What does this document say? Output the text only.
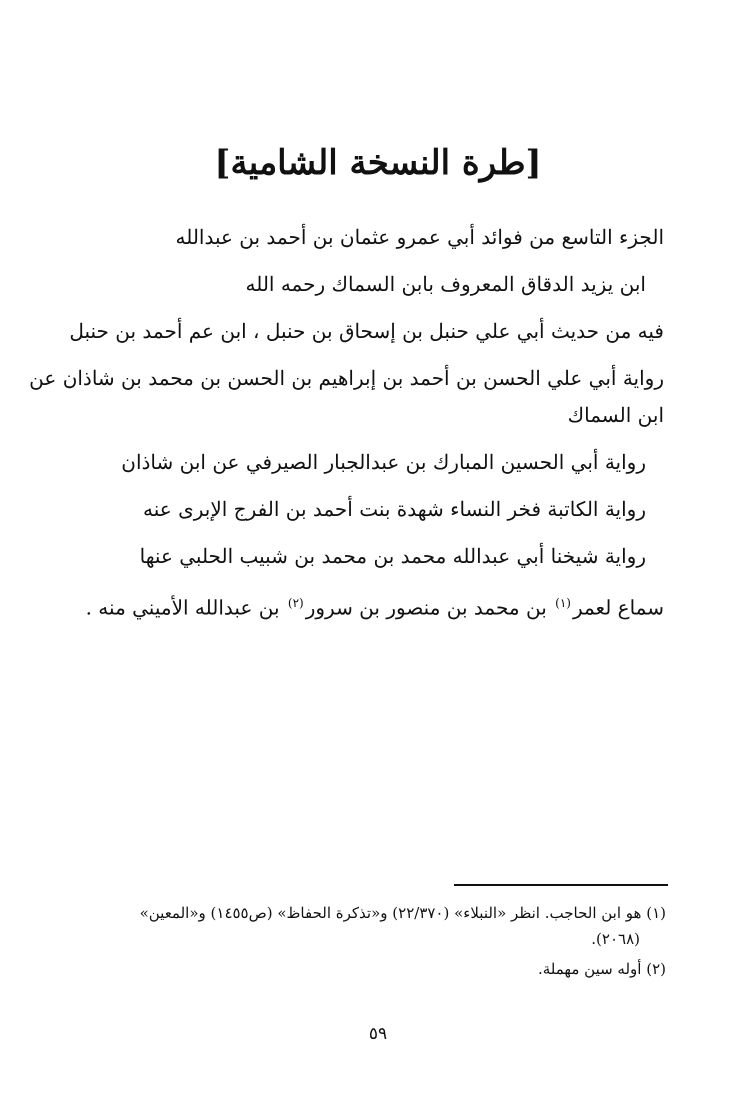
[طرة النسخة الشامية]
الجزء التاسع من فوائد أبي عمرو عثمان بن أحمد بن عبدالله
ابن يزيد الدقاق المعروف بابن السماك رحمه الله
فيه من حديث أبي علي حنبل بن إسحاق بن حنبل ، ابن عم أحمد بن حنبل
رواية أبي علي الحسن بن أحمد بن إبراهيم بن الحسن بن محمد بن شاذان عن
ابن السماك
رواية أبي الحسين المبارك بن عبدالجبار الصيرفي عن ابن شاذان
رواية الكاتبة فخر النساء شهدة بنت أحمد بن الفرج الإبرى عنه
رواية شيخنا أبي عبدالله محمد بن محمد بن شبيب الحلبي عنها
سماع لعمر$^{(١)}$ بن محمد بن منصور بن سرور$^{(٢)}$ بن عبدالله الأميني منه .
(١) هو ابن الحاجب. انظر «النبلاء» (٢٢/٣٧٠) و«تذكرة الحفاظ» (ص١٤٥٥) و«المعين»
(٢٠٦٨).
(٢) أوله سين مهملة.
٥٩
